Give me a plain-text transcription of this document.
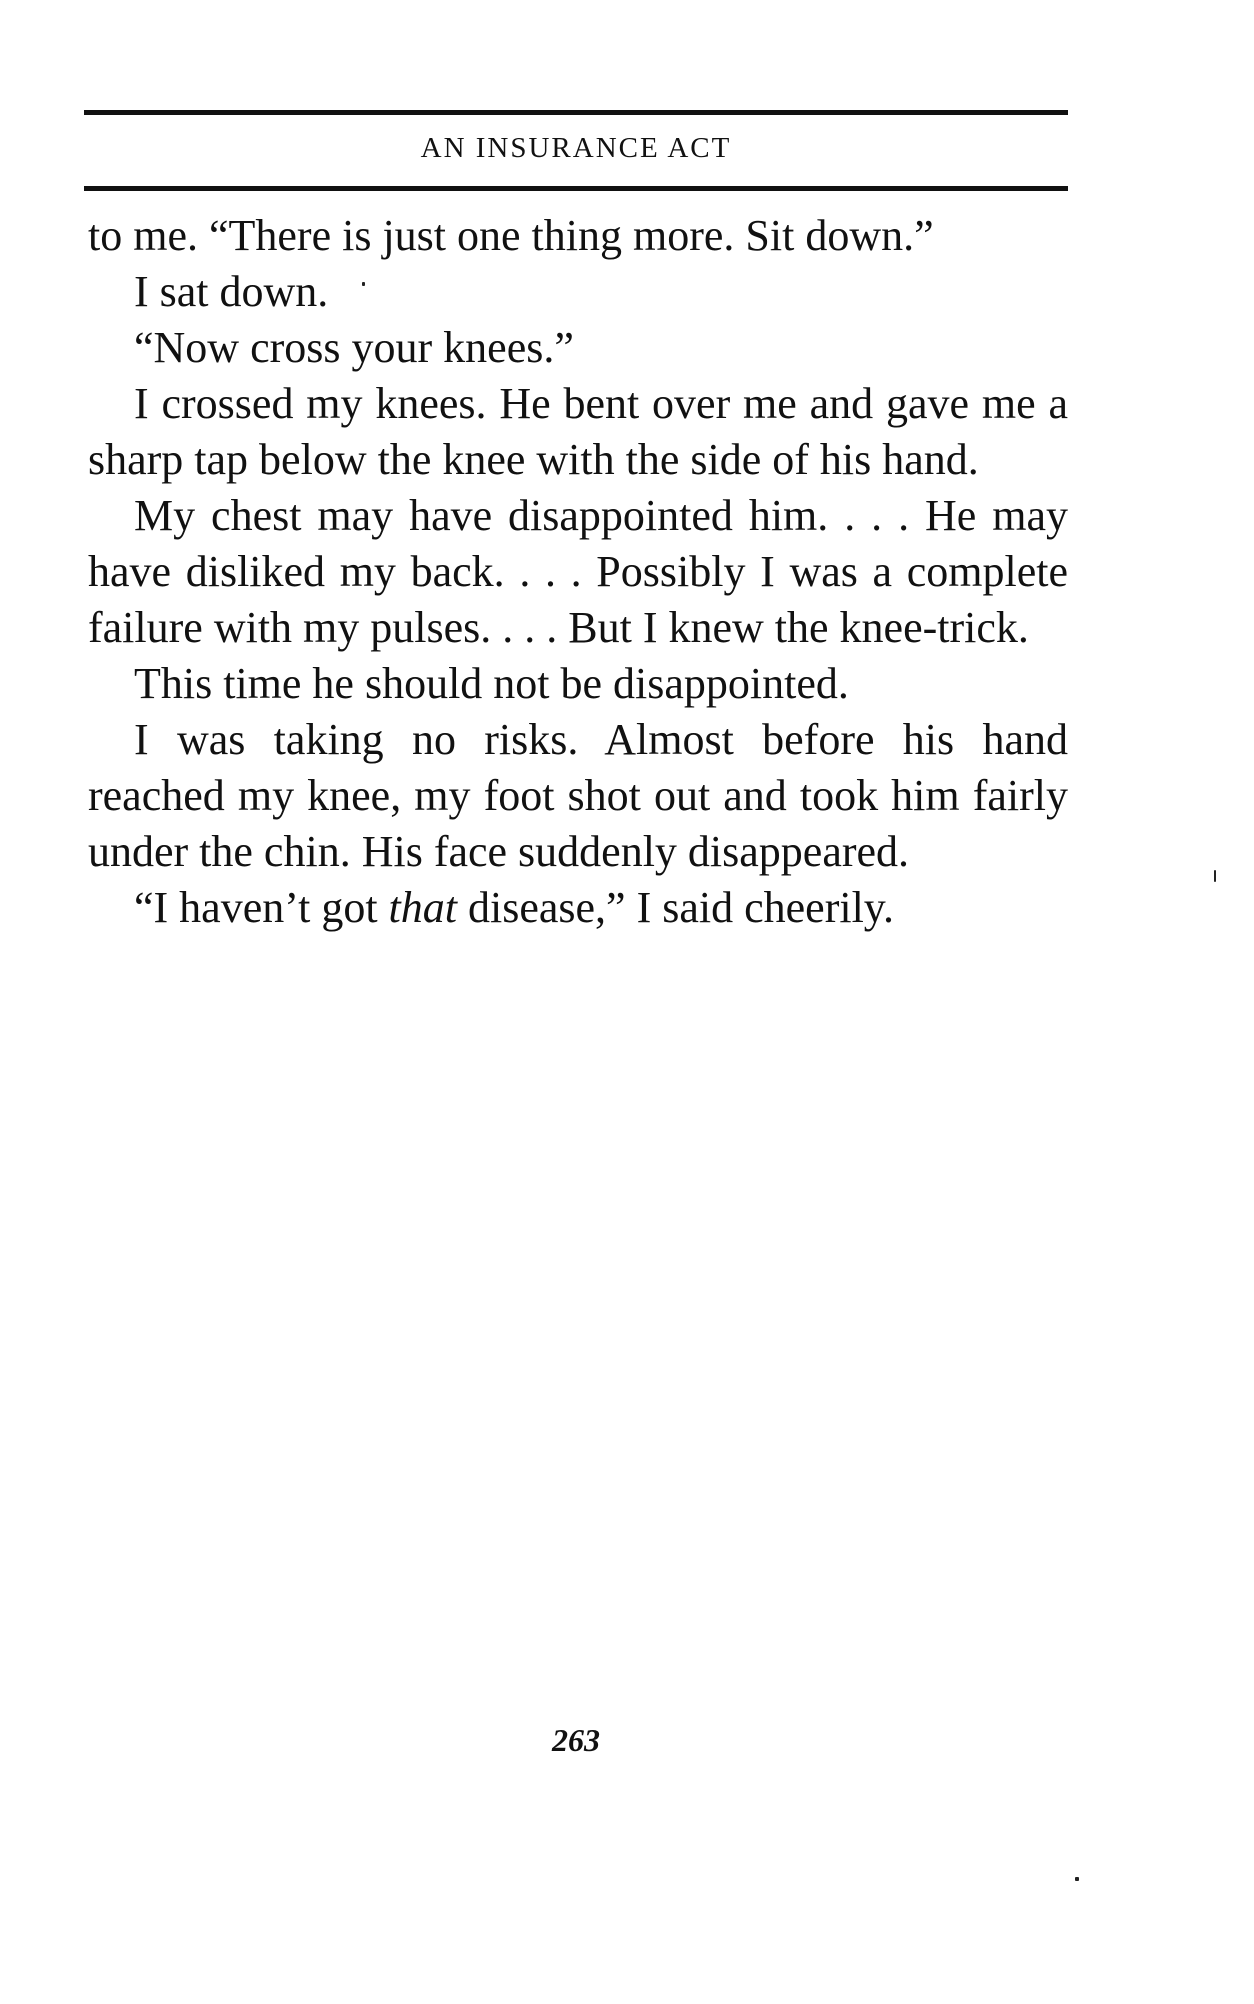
AN INSURANCE ACT

to me. “There is just one thing more. Sit down.”

I sat down.

“Now cross your knees.”

I crossed my knees. He bent over me and gave me a sharp tap below the knee with the side of his hand.

My chest may have disappointed him. . . . He may have disliked my back. . . . Possibly I was a complete failure with my pulses. . . . But I knew the knee-trick.

This time he should not be disappointed.

I was taking no risks. Almost before his hand reached my knee, my foot shot out and took him fairly under the chin. His face suddenly disappeared.

“I haven’t got that disease,” I said cheerily.

263
